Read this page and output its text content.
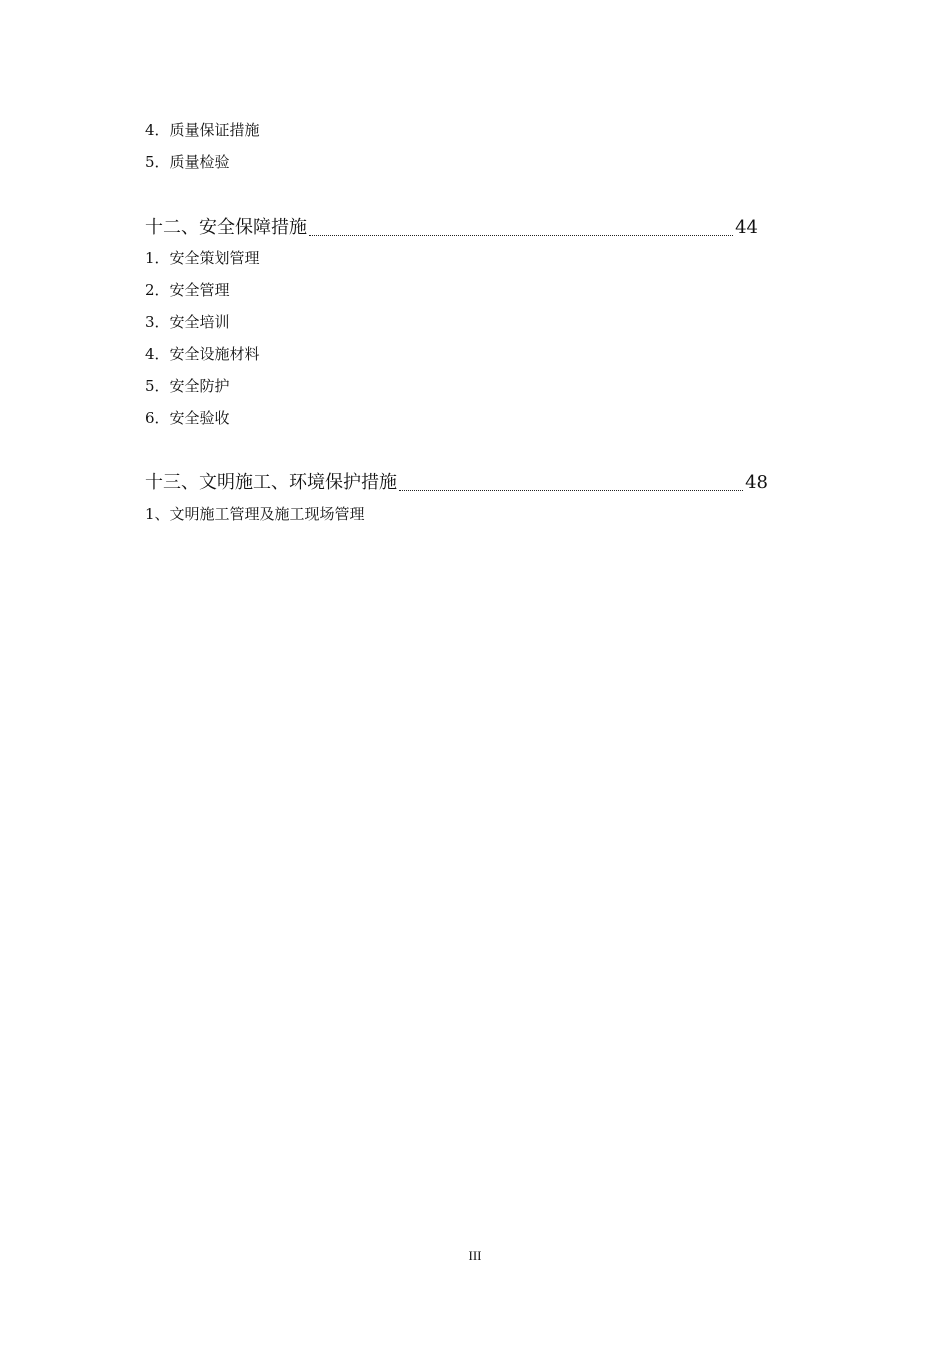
4．质量保证措施
5．质量检验
十二、安全保障措施	44
1．安全策划管理
2．安全管理
3．安全培训
4．安全设施材料
5．安全防护
6．安全验收
十三、文明施工、环境保护措施	48
1、文明施工管理及施工现场管理
III
